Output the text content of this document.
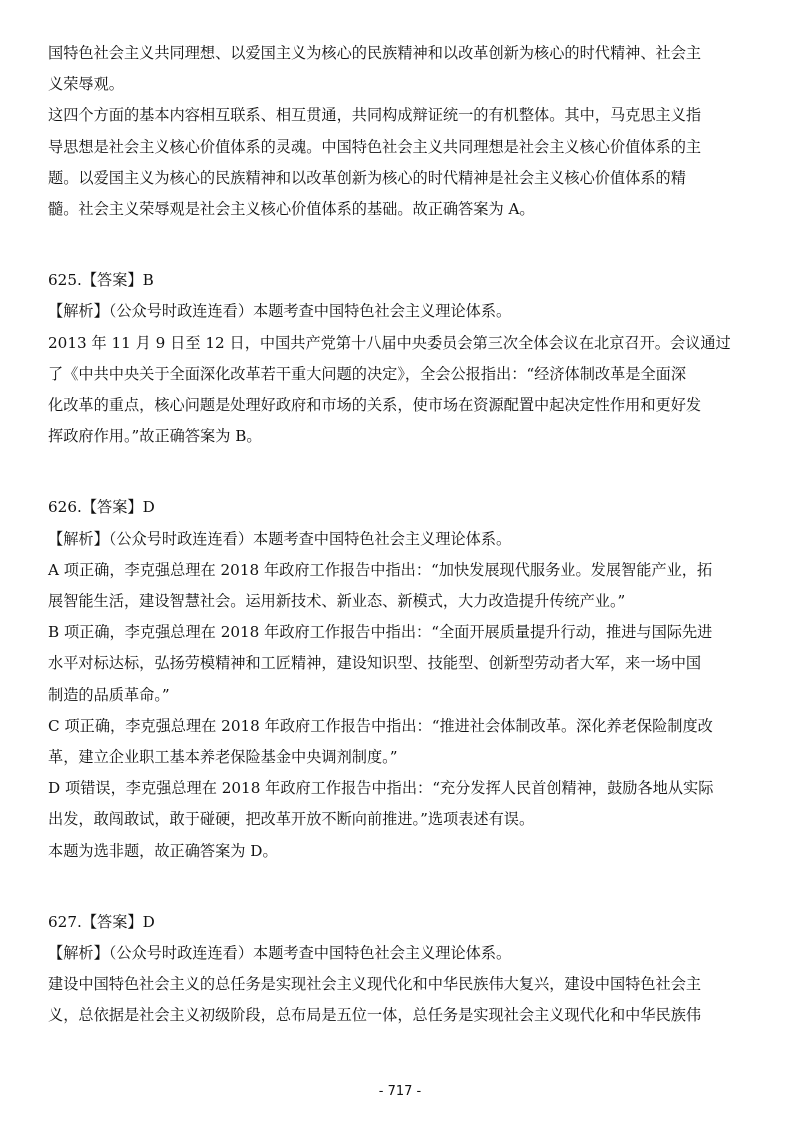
国特色社会主义共同理想、以爱国主义为核心的民族精神和以改革创新为核心的时代精神、社会主
义荣辱观。
这四个方面的基本内容相互联系、相互贯通，共同构成辩证统一的有机整体。其中，马克思主义指
导思想是社会主义核心价值体系的灵魂。中国特色社会主义共同理想是社会主义核心价值体系的主
题。以爱国主义为核心的民族精神和以改革创新为核心的时代精神是社会主义核心价值体系的精
髓。社会主义荣辱观是社会主义核心价值体系的基础。故正确答案为 A。
625.【答案】B
【解析】（公众号时政连连看）本题考查中国特色社会主义理论体系。
2013 年 11 月 9 日至 12 日，中国共产党第十八届中央委员会第三次全体会议在北京召开。会议通过
了《中共中央关于全面深化改革若干重大问题的决定》，全会公报指出：“经济体制改革是全面深
化改革的重点，核心问题是处理好政府和市场的关系，使市场在资源配置中起决定性作用和更好发
挥政府作用。”故正确答案为 B。
626.【答案】D
【解析】（公众号时政连连看）本题考查中国特色社会主义理论体系。
A 项正确，李克强总理在 2018 年政府工作报告中指出：“加快发展现代服务业。发展智能产业，拓
展智能生活，建设智慧社会。运用新技术、新业态、新模式，大力改造提升传统产业。”
B 项正确，李克强总理在 2018 年政府工作报告中指出：“全面开展质量提升行动，推进与国际先进
水平对标达标，弘扬劳模精神和工匠精神，建设知识型、技能型、创新型劳动者大军，来一场中国
制造的品质革命。”
C 项正确，李克强总理在 2018 年政府工作报告中指出：“推进社会体制改革。深化养老保险制度改
革，建立企业职工基本养老保险基金中央调剂制度。”
D 项错误，李克强总理在 2018 年政府工作报告中指出：“充分发挥人民首创精神，鼓励各地从实际
出发，敢闯敢试，敢于碰硬，把改革开放不断向前推进。”选项表述有误。
本题为选非题，故正确答案为 D。
627.【答案】D
【解析】（公众号时政连连看）本题考查中国特色社会主义理论体系。
建设中国特色社会主义的总任务是实现社会主义现代化和中华民族伟大复兴，建设中国特色社会主
义，总依据是社会主义初级阶段，总布局是五位一体，总任务是实现社会主义现代化和中华民族伟
- 717 -
